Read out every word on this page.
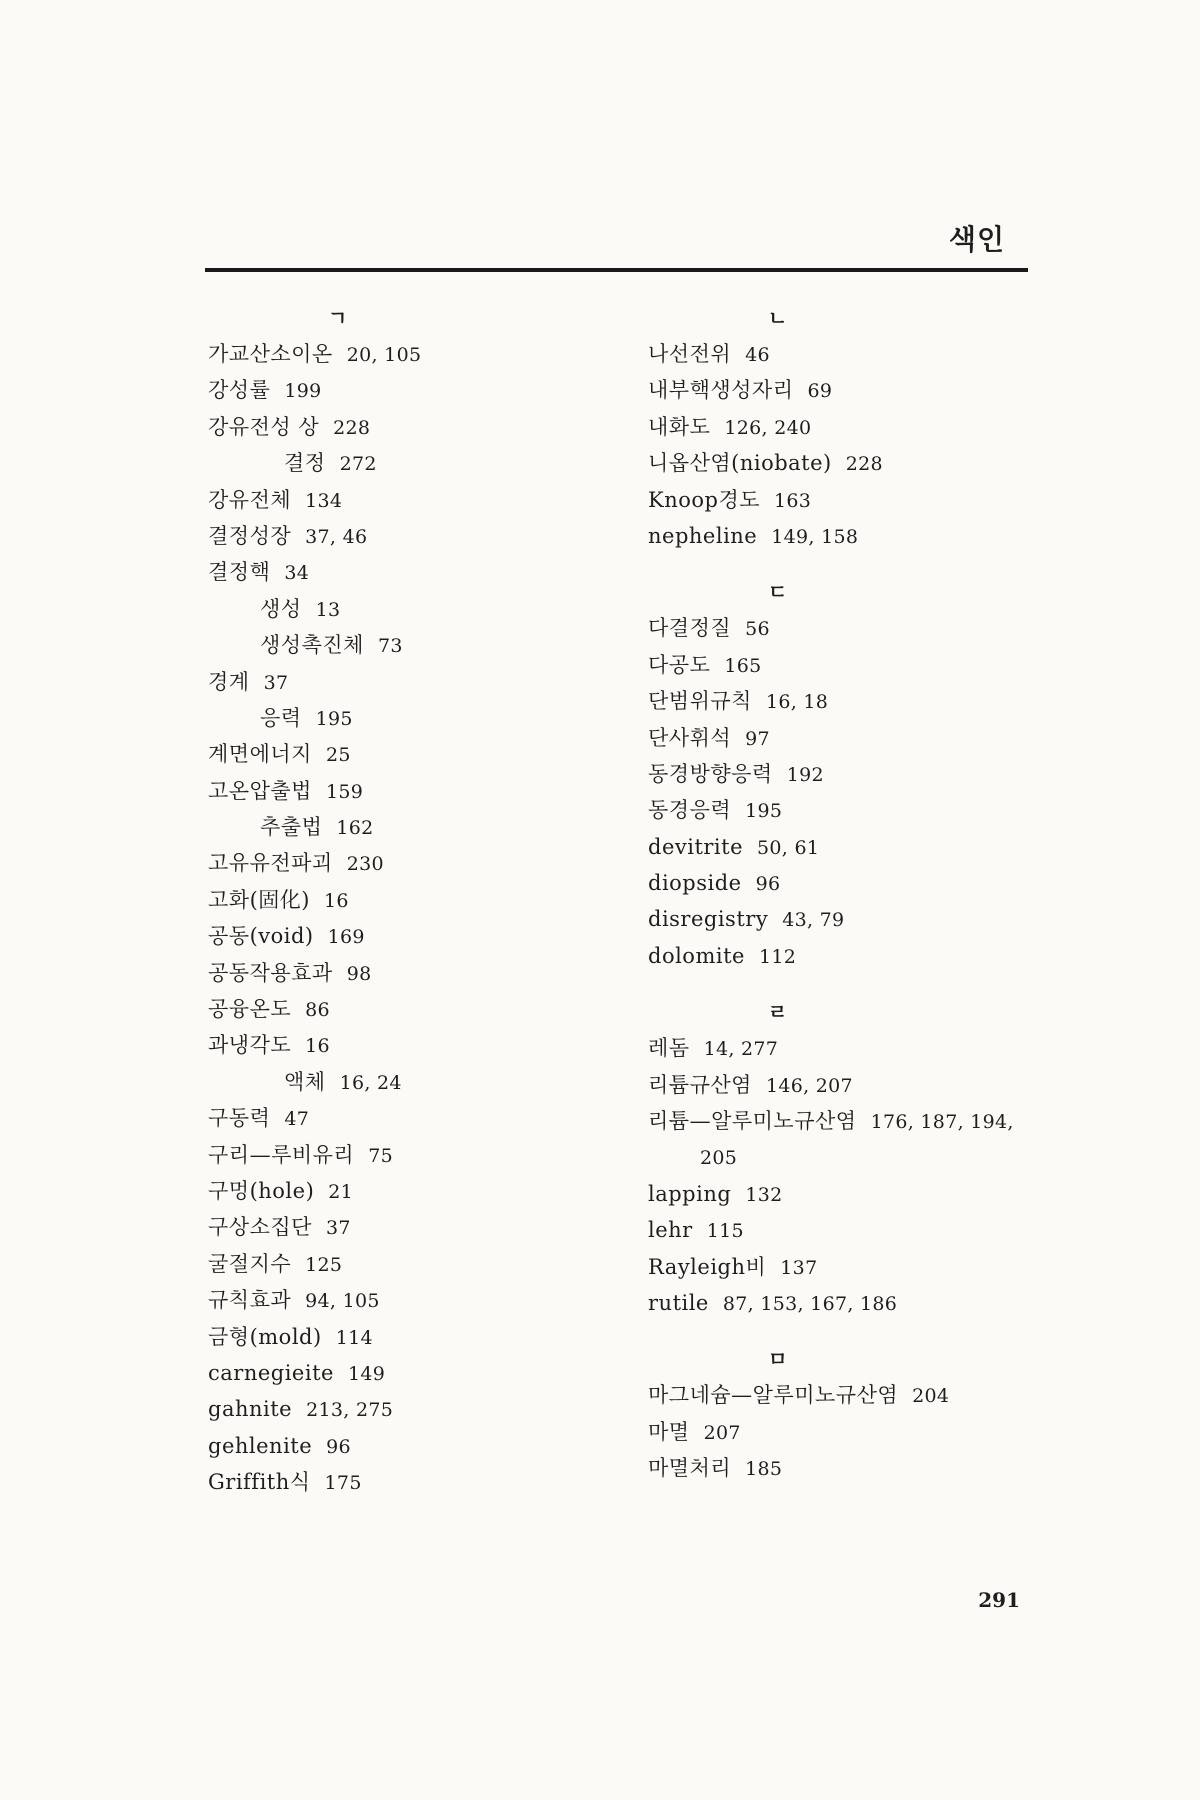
색인
ㄱ
가교산소이온 20, 105
강성률 199
강유전성 상 228
결정 272
강유전체 134
결정성장 37, 46
결정핵 34
생성 13
생성촉진체 73
경계 37
응력 195
계면에너지 25
고온압출법 159
추출법 162
고유유전파괴 230
고화(固化) 16
공동(void) 169
공동작용효과 98
공융온도 86
과냉각도 16
액체 16, 24
구동력 47
구리—루비유리 75
구멍(hole) 21
구상소집단 37
굴절지수 125
규칙효과 94, 105
금형(mold) 114
carnegieite 149
gahnite 213, 275
gehlenite 96
Griffith식 175
ㄴ
나선전위 46
내부핵생성자리 69
내화도 126, 240
니옵산염(niobate) 228
Knoop경도 163
nepheline 149, 158
ㄷ
다결정질 56
다공도 165
단범위규칙 16, 18
단사휘석 97
동경방향응력 192
동경응력 195
devitrite 50, 61
diopside 96
disregistry 43, 79
dolomite 112
ㄹ
레돔 14, 277
리튬규산염 146, 207
리튬—알루미노규산염 176, 187, 194,
205
lapping 132
lehr 115
Rayleigh비 137
rutile 87, 153, 167, 186
ㅁ
마그네슘—알루미노규산염 204
마멸 207
마멸처리 185
291
